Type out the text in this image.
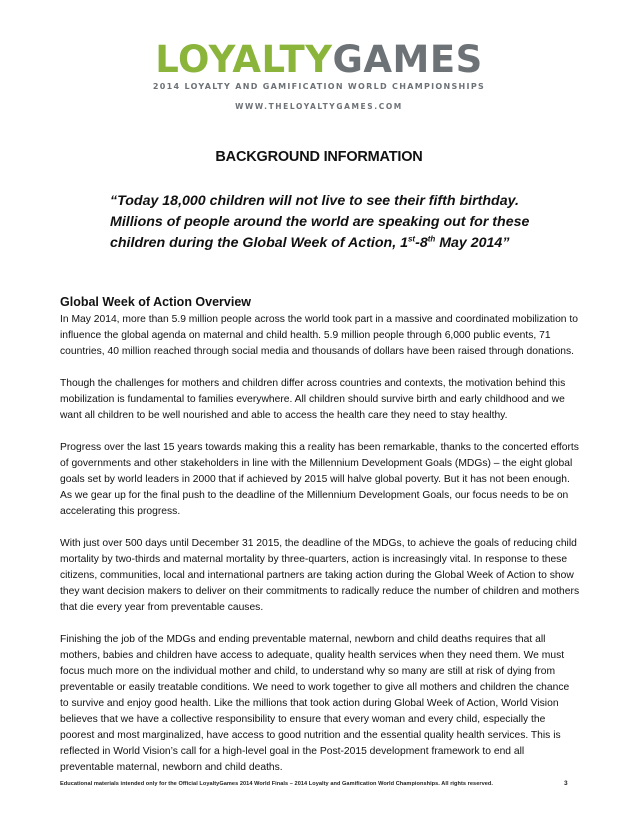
LOYALTYGAMES
2014 LOYALTY AND GAMIFICATION WORLD CHAMPIONSHIPS
WWW.THELOYALTYGAMES.COM
BACKGROUND INFORMATION
“Today 18,000 children will not live to see their fifth birthday.
Millions of people around the world are speaking out for these
children during the Global Week of Action, 1st-8th May 2014”
Global Week of Action Overview

In May 2014, more than 5.9 million people across the world took part in a massive and coordinated mobilization to influence the global agenda on maternal and child health. 5.9 million people through 6,000 public events, 71 countries, 40 million reached through social media and thousands of dollars have been raised through donations.

Though the challenges for mothers and children differ across countries and contexts, the motivation behind this mobilization is fundamental to families everywhere. All children should survive birth and early childhood and we want all children to be well nourished and able to access the health care they need to stay healthy.

Progress over the last 15 years towards making this a reality has been remarkable, thanks to the concerted efforts of governments and other stakeholders in line with the Millennium Development Goals (MDGs) – the eight global goals set by world leaders in 2000 that if achieved by 2015 will halve global poverty. But it has not been enough. As we gear up for the final push to the deadline of the Millennium Development Goals, our focus needs to be on accelerating this progress.

With just over 500 days until December 31 2015, the deadline of the MDGs, to achieve the goals of reducing child mortality by two-thirds and maternal mortality by three-quarters, action is increasingly vital. In response to these citizens, communities, local and international partners are taking action during the Global Week of Action to show they want decision makers to deliver on their commitments to radically reduce the number of children and mothers that die every year from preventable causes.

Finishing the job of the MDGs and ending preventable maternal, newborn and child deaths requires that all mothers, babies and children have access to adequate, quality health services when they need them. We must focus much more on the individual mother and child, to understand why so many are still at risk of dying from preventable or easily treatable conditions. We need to work together to give all mothers and children the chance to survive and enjoy good health. Like the millions that took action during Global Week of Action, World Vision believes that we have a collective responsibility to ensure that every woman and every child, especially the poorest and most marginalized, have access to good nutrition and the essential quality health services. This is reflected in World Vision’s call for a high-level goal in the Post-2015 development framework to end all preventable maternal, newborn and child deaths.

Educational materials intended only for the Official LoyaltyGames 2014 World Finals – 2014 Loyalty and Gamification World Championships. All rights reserved.	3
